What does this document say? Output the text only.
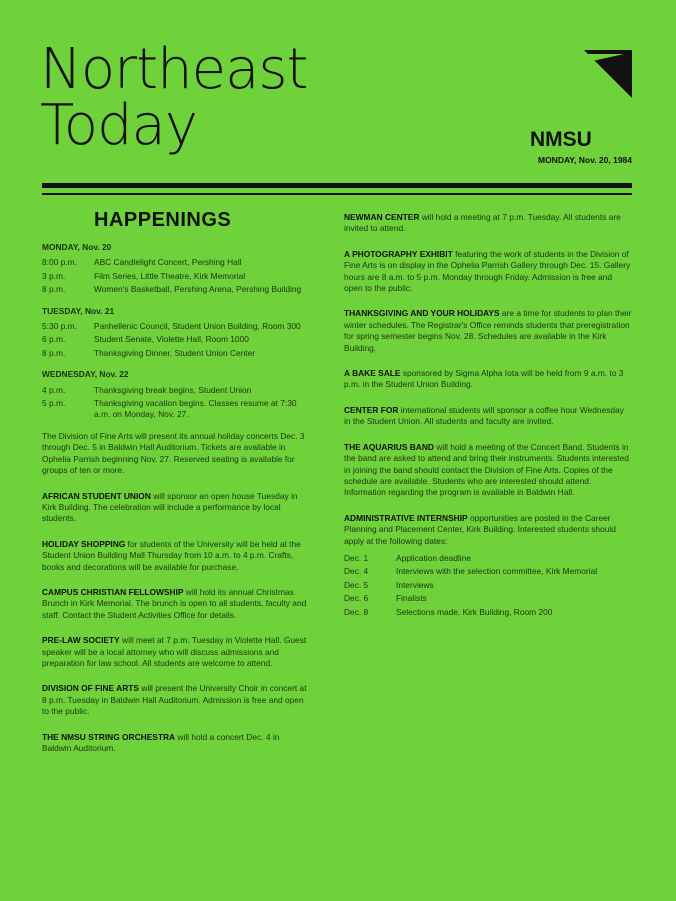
Northeast
Today	NMSU
MONDAY, Nov. 20, 1984
HAPPENINGS
MONDAY, Nov. 20
8:00 p.m.	ABC Candlelight Concert, Pershing Hall
3 p.m.	Film Series, Little Theatre, Kirk Memorial
8 p.m.	Women's Basketball, Pershing Arena, Pershing Building
TUESDAY, Nov. 21
5:30 p.m.	Panhellenic Council, Student Union Building, Room 300
6 p.m.	Student Senate, Violette Hall, Room 1000
8 p.m.	Thanksgiving Dinner, Student Union Center
WEDNESDAY, Nov. 22
4 p.m.	Thanksgiving break begins, Student Union
5 p.m.	Thanksgiving vacation begins. Classes resume at 7:30 a.m. on Monday, Nov. 27.
The Division of Fine Arts will present its annual holiday concerts Dec. 3 through Dec. 5 in Baldwin Hall Auditorium. Tickets are available in Ophelia Parrish beginning Nov. 27. Reserved seating is available for groups of ten or more.
AFRICAN STUDENT UNION will sponsor an open house Tuesday in Kirk Building. The celebration will include a performance by local students.
HOLIDAY SHOPPING for students of the University will be held at the Student Union Building Mall Thursday from 10 a.m. to 4 p.m. Crafts, books and decorations will be available for purchase.
CAMPUS CHRISTIAN FELLOWSHIP will hold its annual Christmas Brunch in Kirk Memorial. The brunch is open to all students, faculty and staff. Contact the Student Activities Office for details.
PRE-LAW SOCIETY will meet at 7 p.m. Tuesday in Violette Hall. Guest speaker will be a local attorney who will discuss admissions and preparation for law school. All students are welcome to attend.
DIVISION OF FINE ARTS will present the University Choir in concert at 8 p.m. Tuesday in Baldwin Hall Auditorium. Admission is free and open to the public.
THE NMSU STRING ORCHESTRA will hold a concert Dec. 4 in Baldwin Auditorium.
NEWMAN CENTER will hold a meeting at 7 p.m. Tuesday. All students are invited to attend.
A PHOTOGRAPHY EXHIBIT featuring the work of students in the Division of Fine Arts is on display in the Ophelia Parrish Gallery through Dec. 15. Gallery hours are 8 a.m. to 5 p.m. Monday through Friday. Admission is free and open to the public.
THANKSGIVING AND YOUR HOLIDAYS are a time for students to plan their winter schedules. The Registrar's Office reminds students that preregistration for spring semester begins Nov. 28. Schedules are available in the Kirk Building.
A BAKE SALE sponsored by Sigma Alpha Iota will be held from 9 a.m. to 3 p.m. in the Student Union Building.
CENTER FOR international students will sponsor a coffee hour Wednesday in the Student Union. All students and faculty are invited.
THE AQUARIUS BAND will hold a meeting of the Concert Band. Students in the band are asked to attend and bring their instruments. Students interested in joining the band should contact the Division of Fine Arts. Copies of the schedule are available. Students who are interested should attend. Information regarding the program is available in Baldwin Hall.
ADMINISTRATIVE INTERNSHIP opportunities are posted in the Career Planning and Placement Center, Kirk Building. Interested students should apply at the following dates:
Dec. 1	Application deadline
Dec. 4	Interviews with the selection committee, Kirk Memorial
Dec. 5	Interviews
Dec. 6	Finalists
Dec. 8	Selections made, Kirk Building, Room 200
